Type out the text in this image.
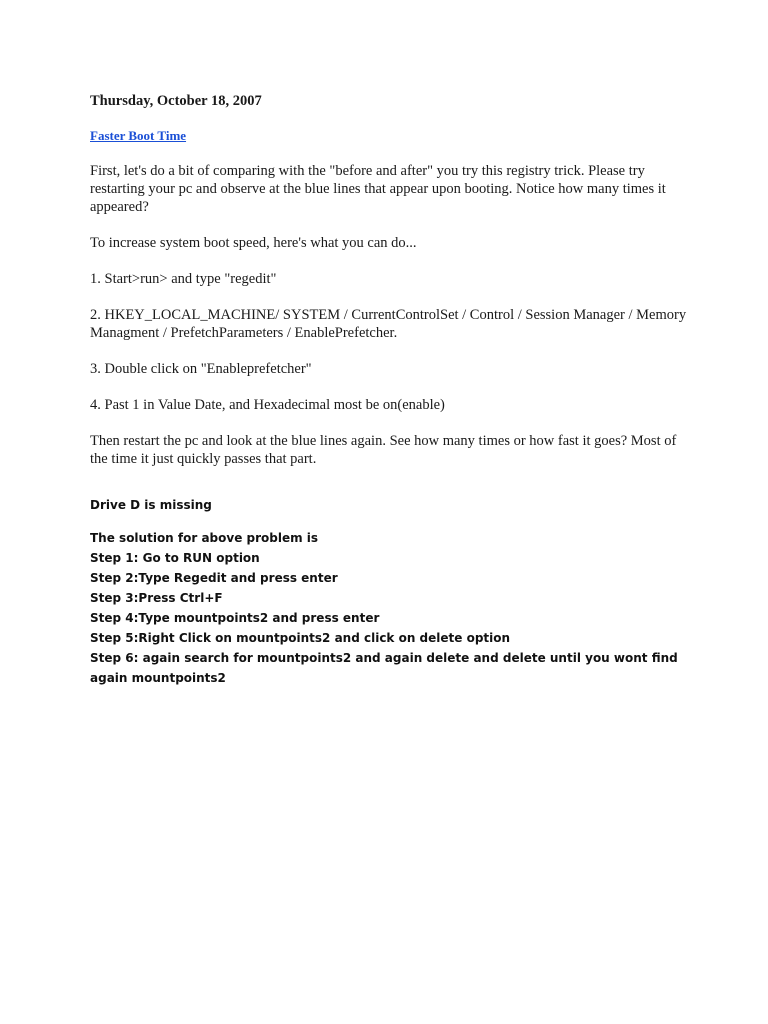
Thursday, October 18, 2007
Faster Boot Time

First, let's do a bit of comparing with the "before and after" you try this registry trick. Please try restarting your pc and observe at the blue lines that appear upon booting. Notice how many times it appeared?

To increase system boot speed, here's what you can do...

1. Start>run> and type "regedit"

2. HKEY_LOCAL_MACHINE/ SYSTEM / CurrentControlSet / Control / Session Manager / Memory Managment / PrefetchParameters / EnablePrefetcher.

3. Double click on "Enableprefetcher"

4. Past 1 in Value Date, and Hexadecimal most be on(enable)

Then restart the pc and look at the blue lines again. See how many times or how fast it goes? Most of the time it just quickly passes that part.

Drive D is missing

The solution for above problem is

Step 1: Go to RUN option

Step 2:Type Regedit and press enter

Step 3:Press Ctrl+F

Step 4:Type mountpoints2 and press enter

Step 5:Right Click on mountpoints2 and click on delete option

Step 6: again search for mountpoints2 and again delete and delete until you wont find again mountpoints2
